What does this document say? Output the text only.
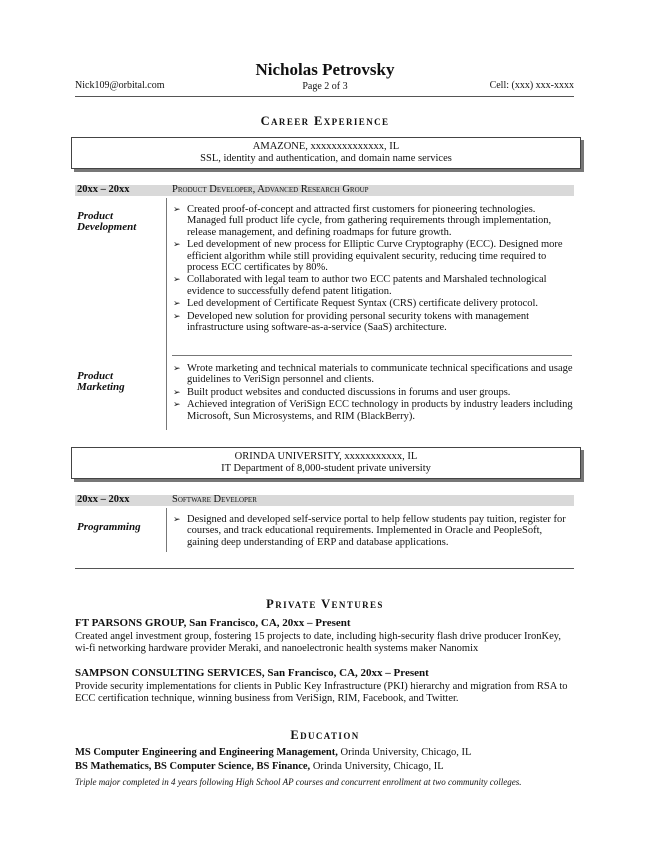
Nicholas Petrovsky
Nick109@orbital.com	Page 2 of 3	Cell: (xxx) xxx-xxxx
Career Experience
AMAZONE, xxxxxxxxxxxxxx, IL
SSL, identity and authentication, and domain name services
20xx – 20xx	Product Developer, Advanced Research Group
Product
Development
➢ Created proof-of-concept and attracted first customers for pioneering technologies. Managed full product life cycle, from gathering requirements through implementation, release management, and defining roadmaps for future growth.
➢ Led development of new process for Elliptic Curve Cryptography (ECC). Designed more efficient algorithm while still providing equivalent security, reducing time required to process ECC certificates by 80%.
➢ Collaborated with legal team to author two ECC patents and Marshaled technological evidence to successfully defend patent litigation.
➢ Led development of Certificate Request Syntax (CRS) certificate delivery protocol.
➢ Developed new solution for providing personal security tokens with management infrastructure using software-as-a-service (SaaS) architecture.
Product
Marketing
➢ Wrote marketing and technical materials to communicate technical specifications and usage guidelines to VeriSign personnel and clients.
➢ Built product websites and conducted discussions in forums and user groups.
➢ Achieved integration of VeriSign ECC technology in products by industry leaders including Microsoft, Sun Microsystems, and RIM (BlackBerry).
ORINDA UNIVERSITY, xxxxxxxxxxx, IL
IT Department of 8,000-student private university
20xx – 20xx	Software Developer
Programming
➢ Designed and developed self-service portal to help fellow students pay tuition, register for courses, and track educational requirements. Implemented in Oracle and PeopleSoft, gaining deep understanding of ERP and database applications.
Private Ventures
FT PARSONS GROUP, San Francisco, CA, 20xx – Present
Created angel investment group, fostering 15 projects to date, including high-security flash drive producer IronKey, wi-fi networking hardware provider Meraki, and nanoelectronic health systems maker Nanomix
SAMPSON CONSULTING SERVICES, San Francisco, CA, 20xx – Present
Provide security implementations for clients in Public Key Infrastructure (PKI) hierarchy and migration from RSA to ECC certification technique, winning business from VeriSign, RIM, Facebook, and Twitter.
Education
MS Computer Engineering and Engineering Management, Orinda University, Chicago, IL
BS Mathematics, BS Computer Science, BS Finance, Orinda University, Chicago, IL
Triple major completed in 4 years following High School AP courses and concurrent enrollment at two community colleges.
